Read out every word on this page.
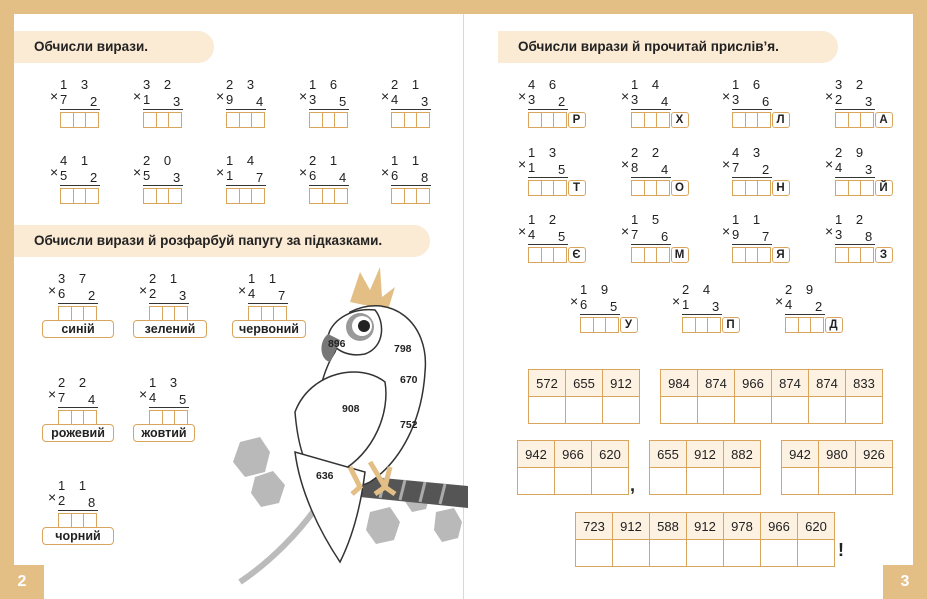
Обчисли вирази.
×
1 3 7	2	×
3 2 1	3	×
2 3 9	4	×
1 6 3	5 ×
2 1 4	3
×
4 1 5	2	×
2 0 5	3	×
1 4 1	7	×
2 1 6	4 ×
1 1 6	8
Обчисли вирази й розфарбуй папугу за підказками.
×
3 7 6	2
синій
×
2 1 2	3
зелений
×
1 1 4	7
червоний
×
2 2 7	4
рожевий
×
1 3 4	5
жовтий
×
1 1 2	8
чорний
896	798
670
908
752
636
2
Обчисли вирази й прочитай прислів’я.
×
4 6 3	2
Р
×
1 4 3	4
Х
×
1 6 3	6
Л
×
3 2 2	3
А
×
1 3 1	5
Т
×
2 2 8	4
О
×
4 3 7	2
Н
×
2 9 4	3
Й
×
1 2 4	5
Є
×
1 5 7	6
М
×
1 1 9	7
Я
×
1 2 3	8
З
×
1 9 6	5
У
×
2 4 1	3
П
×
2 9 4	2
Д
572	655	912
			984	874	966	874	874	833

942	966	620
			655	912	882
			942	980	926

723	912	588	912	978	966	620

,
!
3
